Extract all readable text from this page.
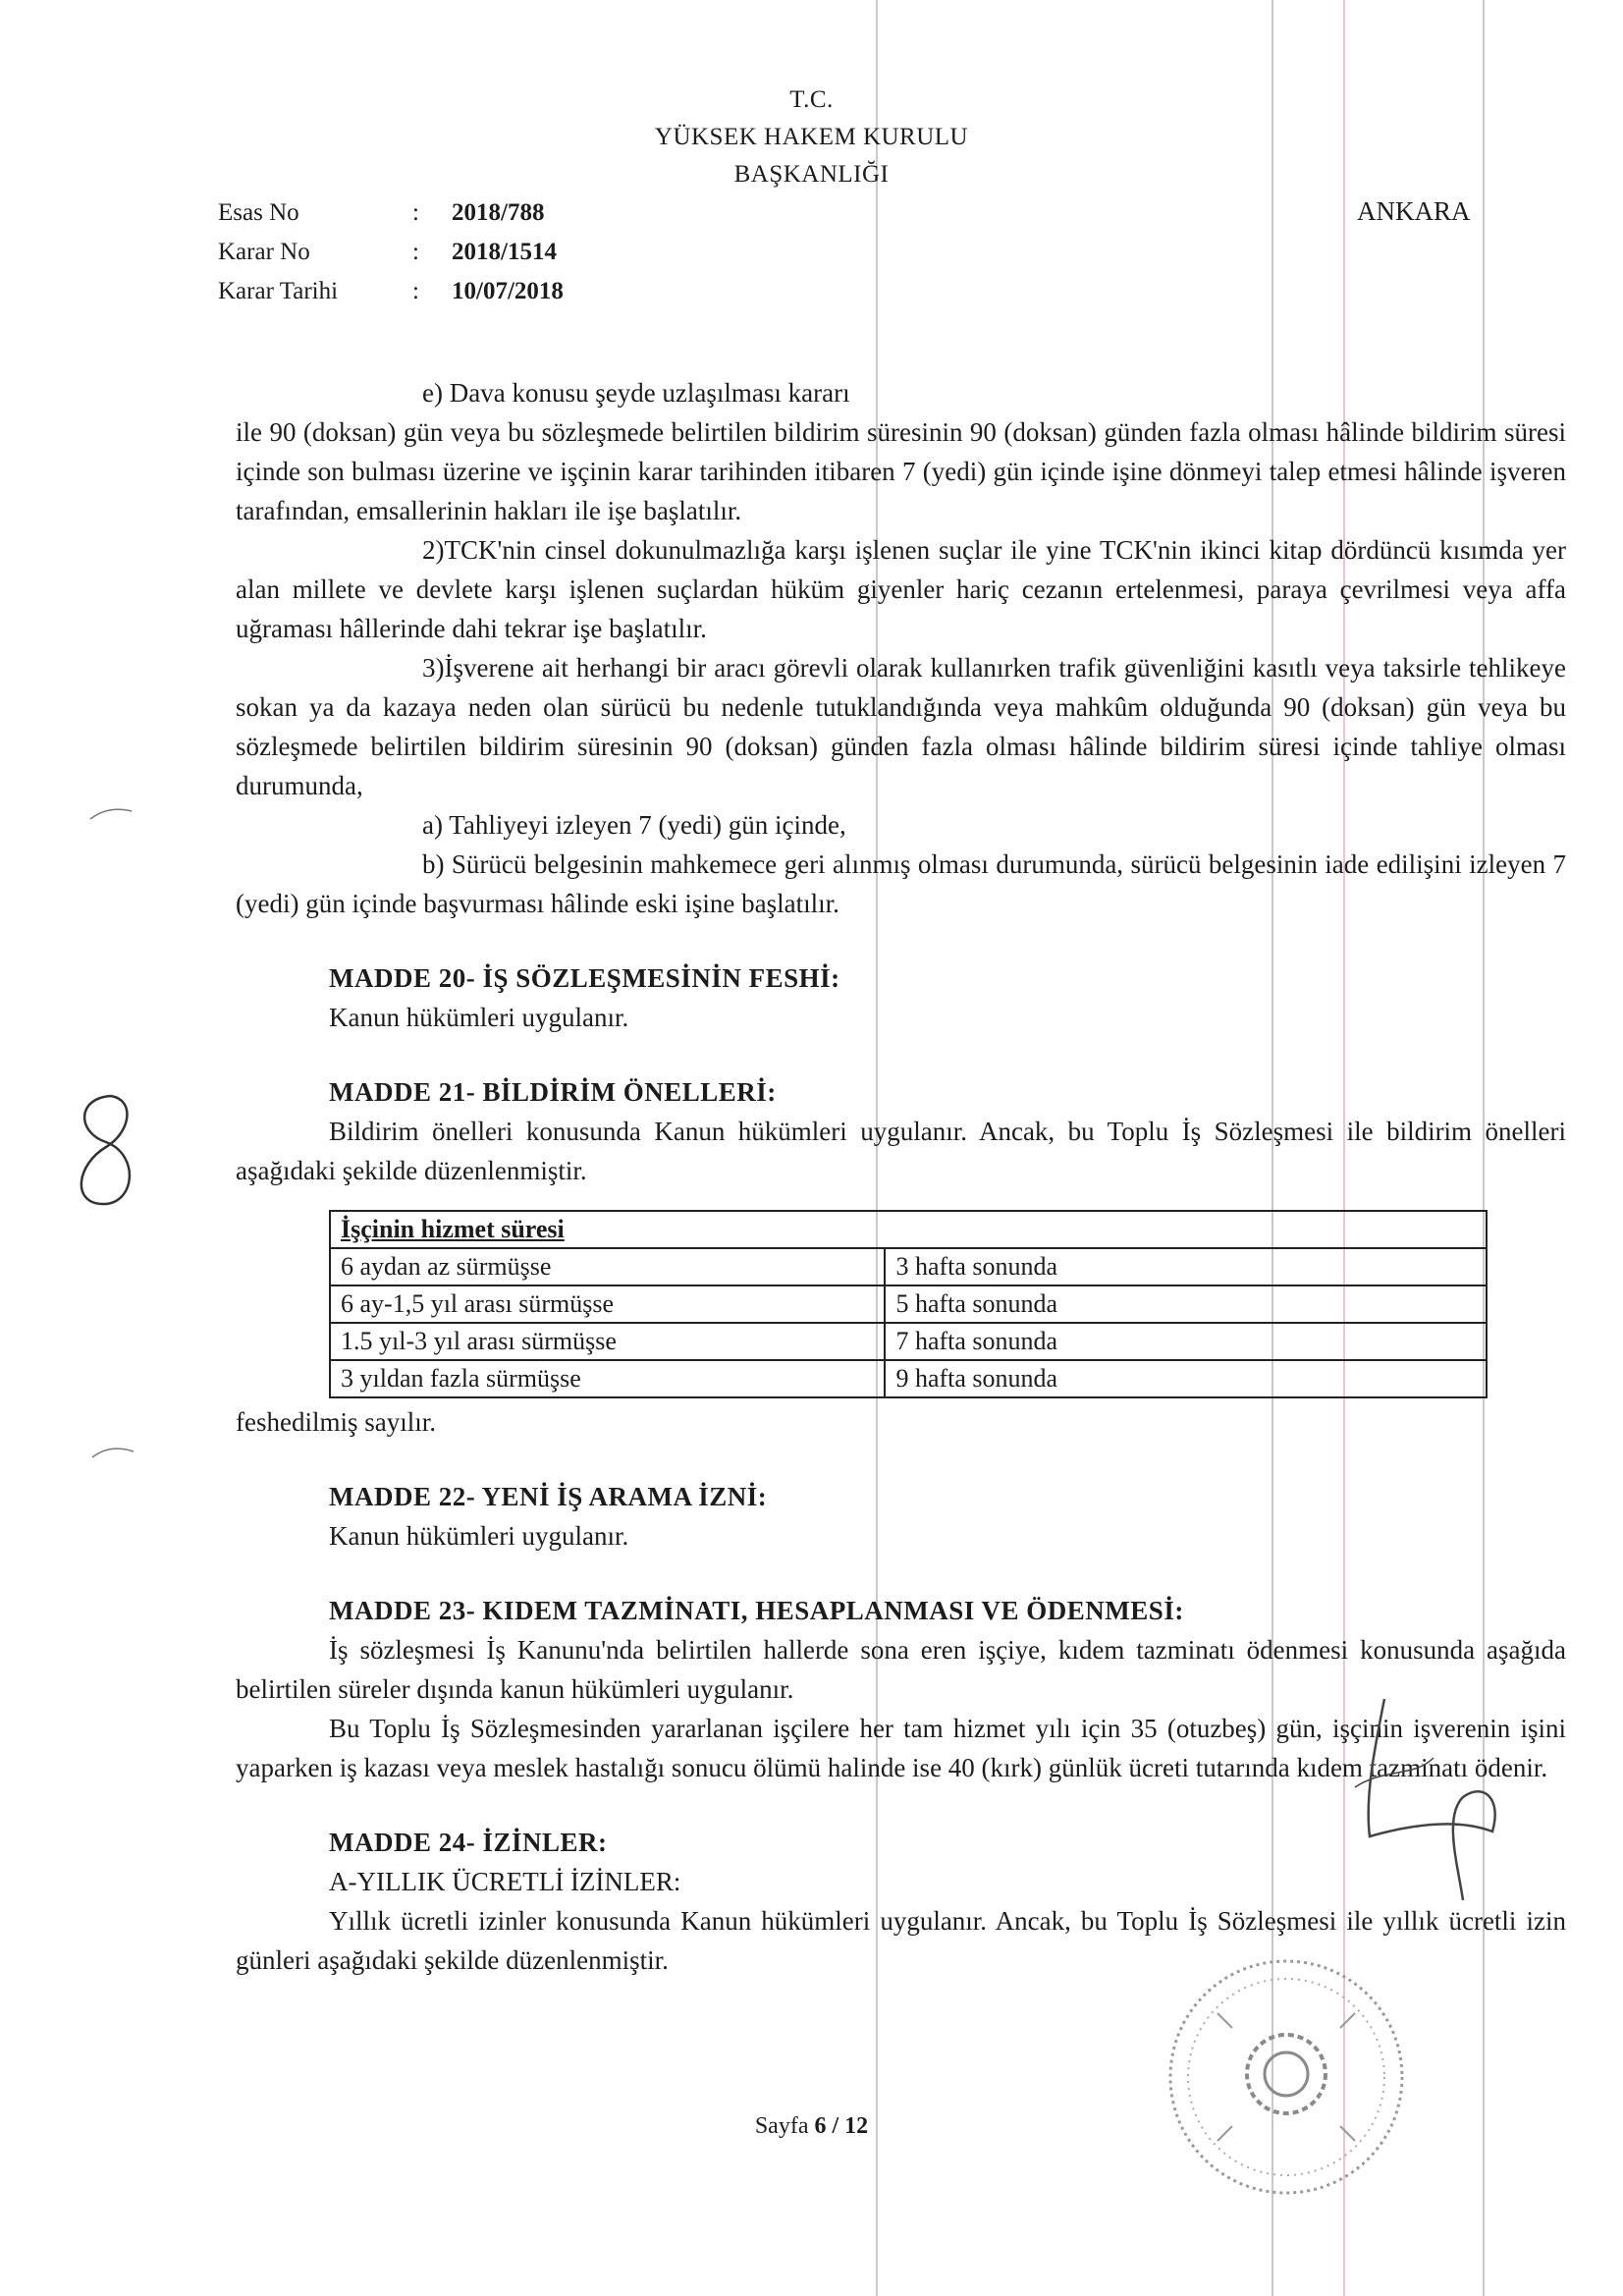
T.C.
YÜKSEK HAKEM KURULU
BAŞKANLIĞI
ANKARA
Esas No	: 2018/788
Karar No	: 2018/1514
Karar Tarihi	: 10/07/2018

e) Dava konusu şeyde uzlaşılması kararı

ile 90 (doksan) gün veya bu sözleşmede belirtilen bildirim süresinin 90 (doksan) günden fazla olması hâlinde bildirim süresi içinde son bulması üzerine ve işçinin karar tarihinden itibaren 7 (yedi) gün içinde işine dönmeyi talep etmesi hâlinde işveren tarafından, emsallerinin hakları ile işe başlatılır.

2)TCK'nin cinsel dokunulmazlığa karşı işlenen suçlar ile yine TCK'nin ikinci kitap dördüncü kısımda yer alan millete ve devlete karşı işlenen suçlardan hüküm giyenler hariç cezanın ertelenmesi, paraya çevrilmesi veya affa uğraması hâllerinde dahi tekrar işe başlatılır.

3)İşverene ait herhangi bir aracı görevli olarak kullanırken trafik güvenliğini kasıtlı veya taksirle tehlikeye sokan ya da kazaya neden olan sürücü bu nedenle tutuklandığında veya mahkûm olduğunda 90 (doksan) gün veya bu sözleşmede belirtilen bildirim süresinin 90 (doksan) günden fazla olması hâlinde bildirim süresi içinde tahliye olması durumunda,

a) Tahliyeyi izleyen 7 (yedi) gün içinde,

b) Sürücü belgesinin mahkemece geri alınmış olması durumunda, sürücü belgesinin iade edilişini izleyen 7 (yedi) gün içinde başvurması hâlinde eski işine başlatılır.

MADDE 20- İŞ SÖZLEŞMESİNİN FESHİ:

Kanun hükümleri uygulanır.

MADDE 21- BİLDİRİM ÖNELLERİ:

Bildirim önelleri konusunda Kanun hükümleri uygulanır. Ancak, bu Toplu İş Sözleşmesi ile bildirim önelleri aşağıdaki şekilde düzenlenmiştir.

İşçinin hizmet süresi	
6 aydan az sürmüşse	3 hafta sonunda
6 ay-1,5 yıl arası sürmüşse	5 hafta sonunda
1.5 yıl-3 yıl arası sürmüşse	7 hafta sonunda
3 yıldan fazla sürmüşse	9 hafta sonunda

feshedilmiş sayılır.

MADDE 22- YENİ İŞ ARAMA İZNİ:

Kanun hükümleri uygulanır.

MADDE 23- KIDEM TAZMİNATI, HESAPLANMASI VE ÖDENMESİ:

İş sözleşmesi İş Kanunu'nda belirtilen hallerde sona eren işçiye, kıdem tazminatı ödenmesi konusunda aşağıda belirtilen süreler dışında kanun hükümleri uygulanır.

Bu Toplu İş Sözleşmesinden yararlanan işçilere her tam hizmet yılı için 35 (otuzbeş) gün, işçinin işverenin işini yaparken iş kazası veya meslek hastalığı sonucu ölümü halinde ise 40 (kırk) günlük ücreti tutarında kıdem tazminatı ödenir.

MADDE 24- İZİNLER:

A-YILLIK ÜCRETLİ İZİNLER:

Yıllık ücretli izinler konusunda Kanun hükümleri uygulanır. Ancak, bu Toplu İş Sözleşmesi ile yıllık ücretli izin günleri aşağıdaki şekilde düzenlenmiştir.

Sayfa 6 / 12
